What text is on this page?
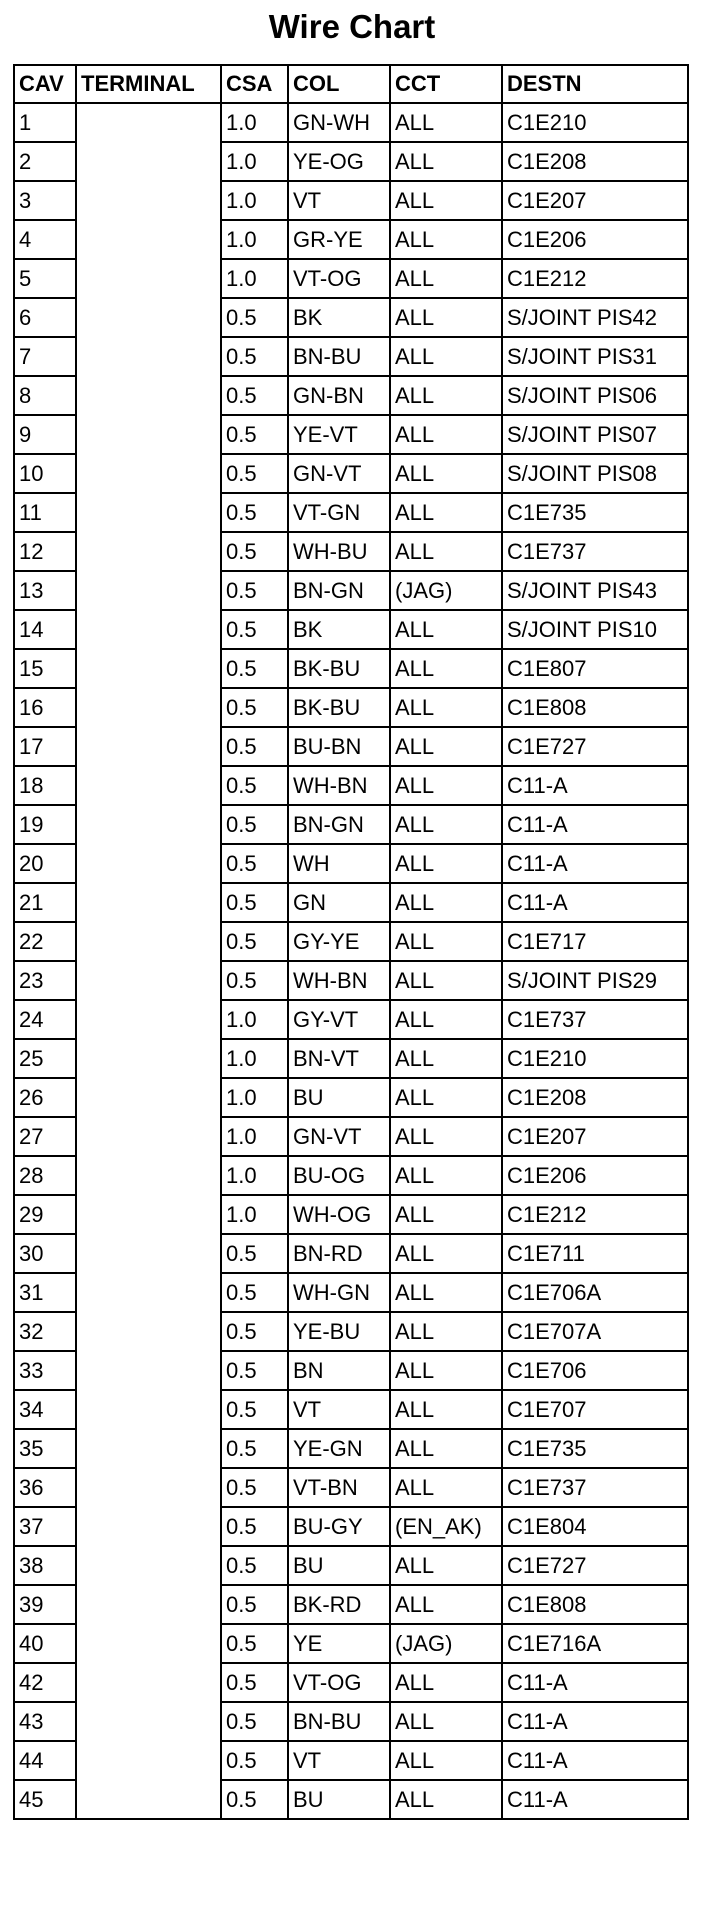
Wire Chart
CAV	TERMINAL	CSA	COL	CCT	DESTN
1		1.0	GN-WH	ALL	C1E210
2		1.0	YE-OG	ALL	C1E208
3		1.0	VT	ALL	C1E207
4		1.0	GR-YE	ALL	C1E206
5		1.0	VT-OG	ALL	C1E212
6		0.5	BK	ALL	S/JOINT PIS42
7		0.5	BN-BU	ALL	S/JOINT PIS31
8		0.5	GN-BN	ALL	S/JOINT PIS06
9		0.5	YE-VT	ALL	S/JOINT PIS07
10		0.5	GN-VT	ALL	S/JOINT PIS08
11		0.5	VT-GN	ALL	C1E735
12		0.5	WH-BU	ALL	C1E737
13		0.5	BN-GN	(JAG)	S/JOINT PIS43
14		0.5	BK	ALL	S/JOINT PIS10
15		0.5	BK-BU	ALL	C1E807
16		0.5	BK-BU	ALL	C1E808
17		0.5	BU-BN	ALL	C1E727
18		0.5	WH-BN	ALL	C11-A
19		0.5	BN-GN	ALL	C11-A
20		0.5	WH	ALL	C11-A
21		0.5	GN	ALL	C11-A
22		0.5	GY-YE	ALL	C1E717
23		0.5	WH-BN	ALL	S/JOINT PIS29
24		1.0	GY-VT	ALL	C1E737
25		1.0	BN-VT	ALL	C1E210
26		1.0	BU	ALL	C1E208
27		1.0	GN-VT	ALL	C1E207
28		1.0	BU-OG	ALL	C1E206
29		1.0	WH-OG	ALL	C1E212
30		0.5	BN-RD	ALL	C1E711
31		0.5	WH-GN	ALL	C1E706A
32		0.5	YE-BU	ALL	C1E707A
33		0.5	BN	ALL	C1E706
34		0.5	VT	ALL	C1E707
35		0.5	YE-GN	ALL	C1E735
36		0.5	VT-BN	ALL	C1E737
37		0.5	BU-GY	(EN_AK)	C1E804
38		0.5	BU	ALL	C1E727
39		0.5	BK-RD	ALL	C1E808
40		0.5	YE	(JAG)	C1E716A
42		0.5	VT-OG	ALL	C11-A
43		0.5	BN-BU	ALL	C11-A
44		0.5	VT	ALL	C11-A
45		0.5	BU	ALL	C11-A
